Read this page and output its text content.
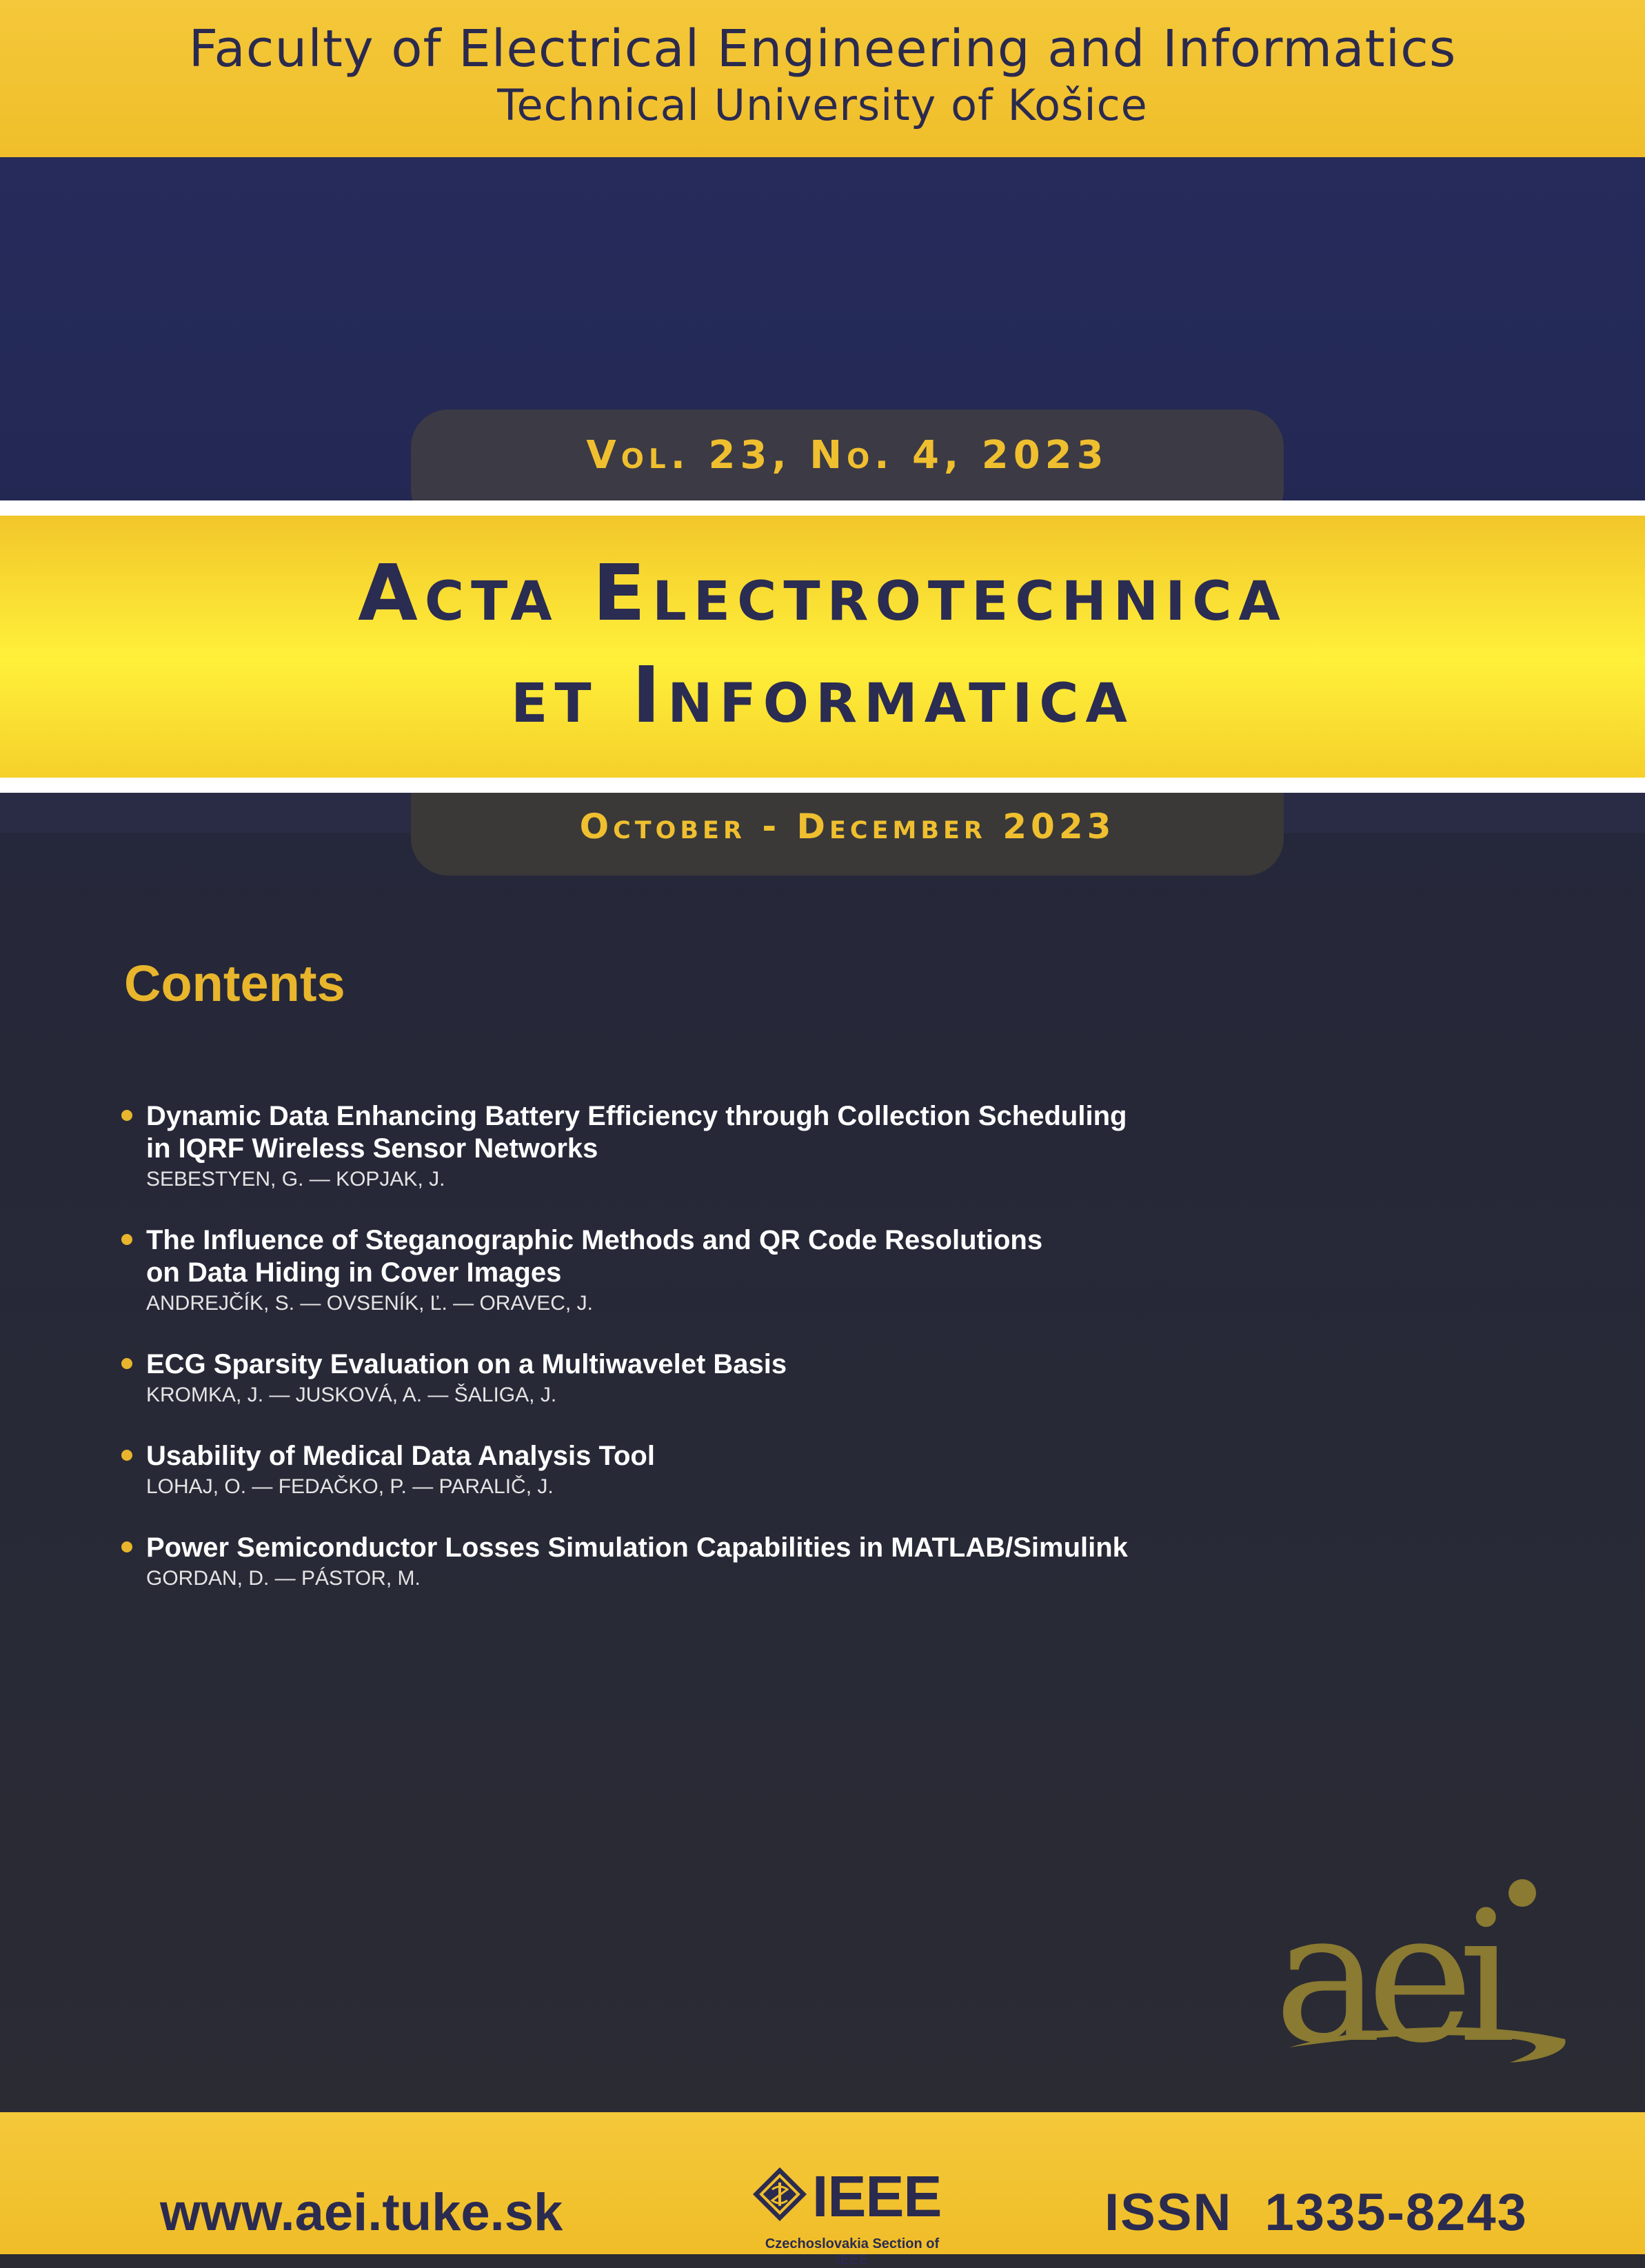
Faculty of Electrical Engineering and Informatics
Technical University of Košice
Vol. 23, No. 4, 2023
Acta Electrotechnica
et Informatica
October - December 2023
Contents
Dynamic Data Enhancing Battery Efficiency through Collection Scheduling
in IQRF Wireless Sensor Networks
SEBESTYEN, G. — KOPJAK, J.
The Influence of Steganographic Methods and QR Code Resolutions
on Data Hiding in Cover Images
ANDREJČÍK, S. — OVSENÍK, Ľ. — ORAVEC, J.
ECG Sparsity Evaluation on a Multiwavelet Basis
KROMKA, J. — JUSKOVÁ, A. — ŠALIGA, J.
Usability of Medical Data Analysis Tool
LOHAJ, O. — FEDAČKO, P. — PARALIČ, J.
Power Semiconductor Losses Simulation Capabilities in MATLAB/Simulink
GORDAN, D. — PÁSTOR, M.
aei
www.aei.tuke.sk	IEEE
Czechoslovakia Section of IEEE
ISSN 1335-8243
